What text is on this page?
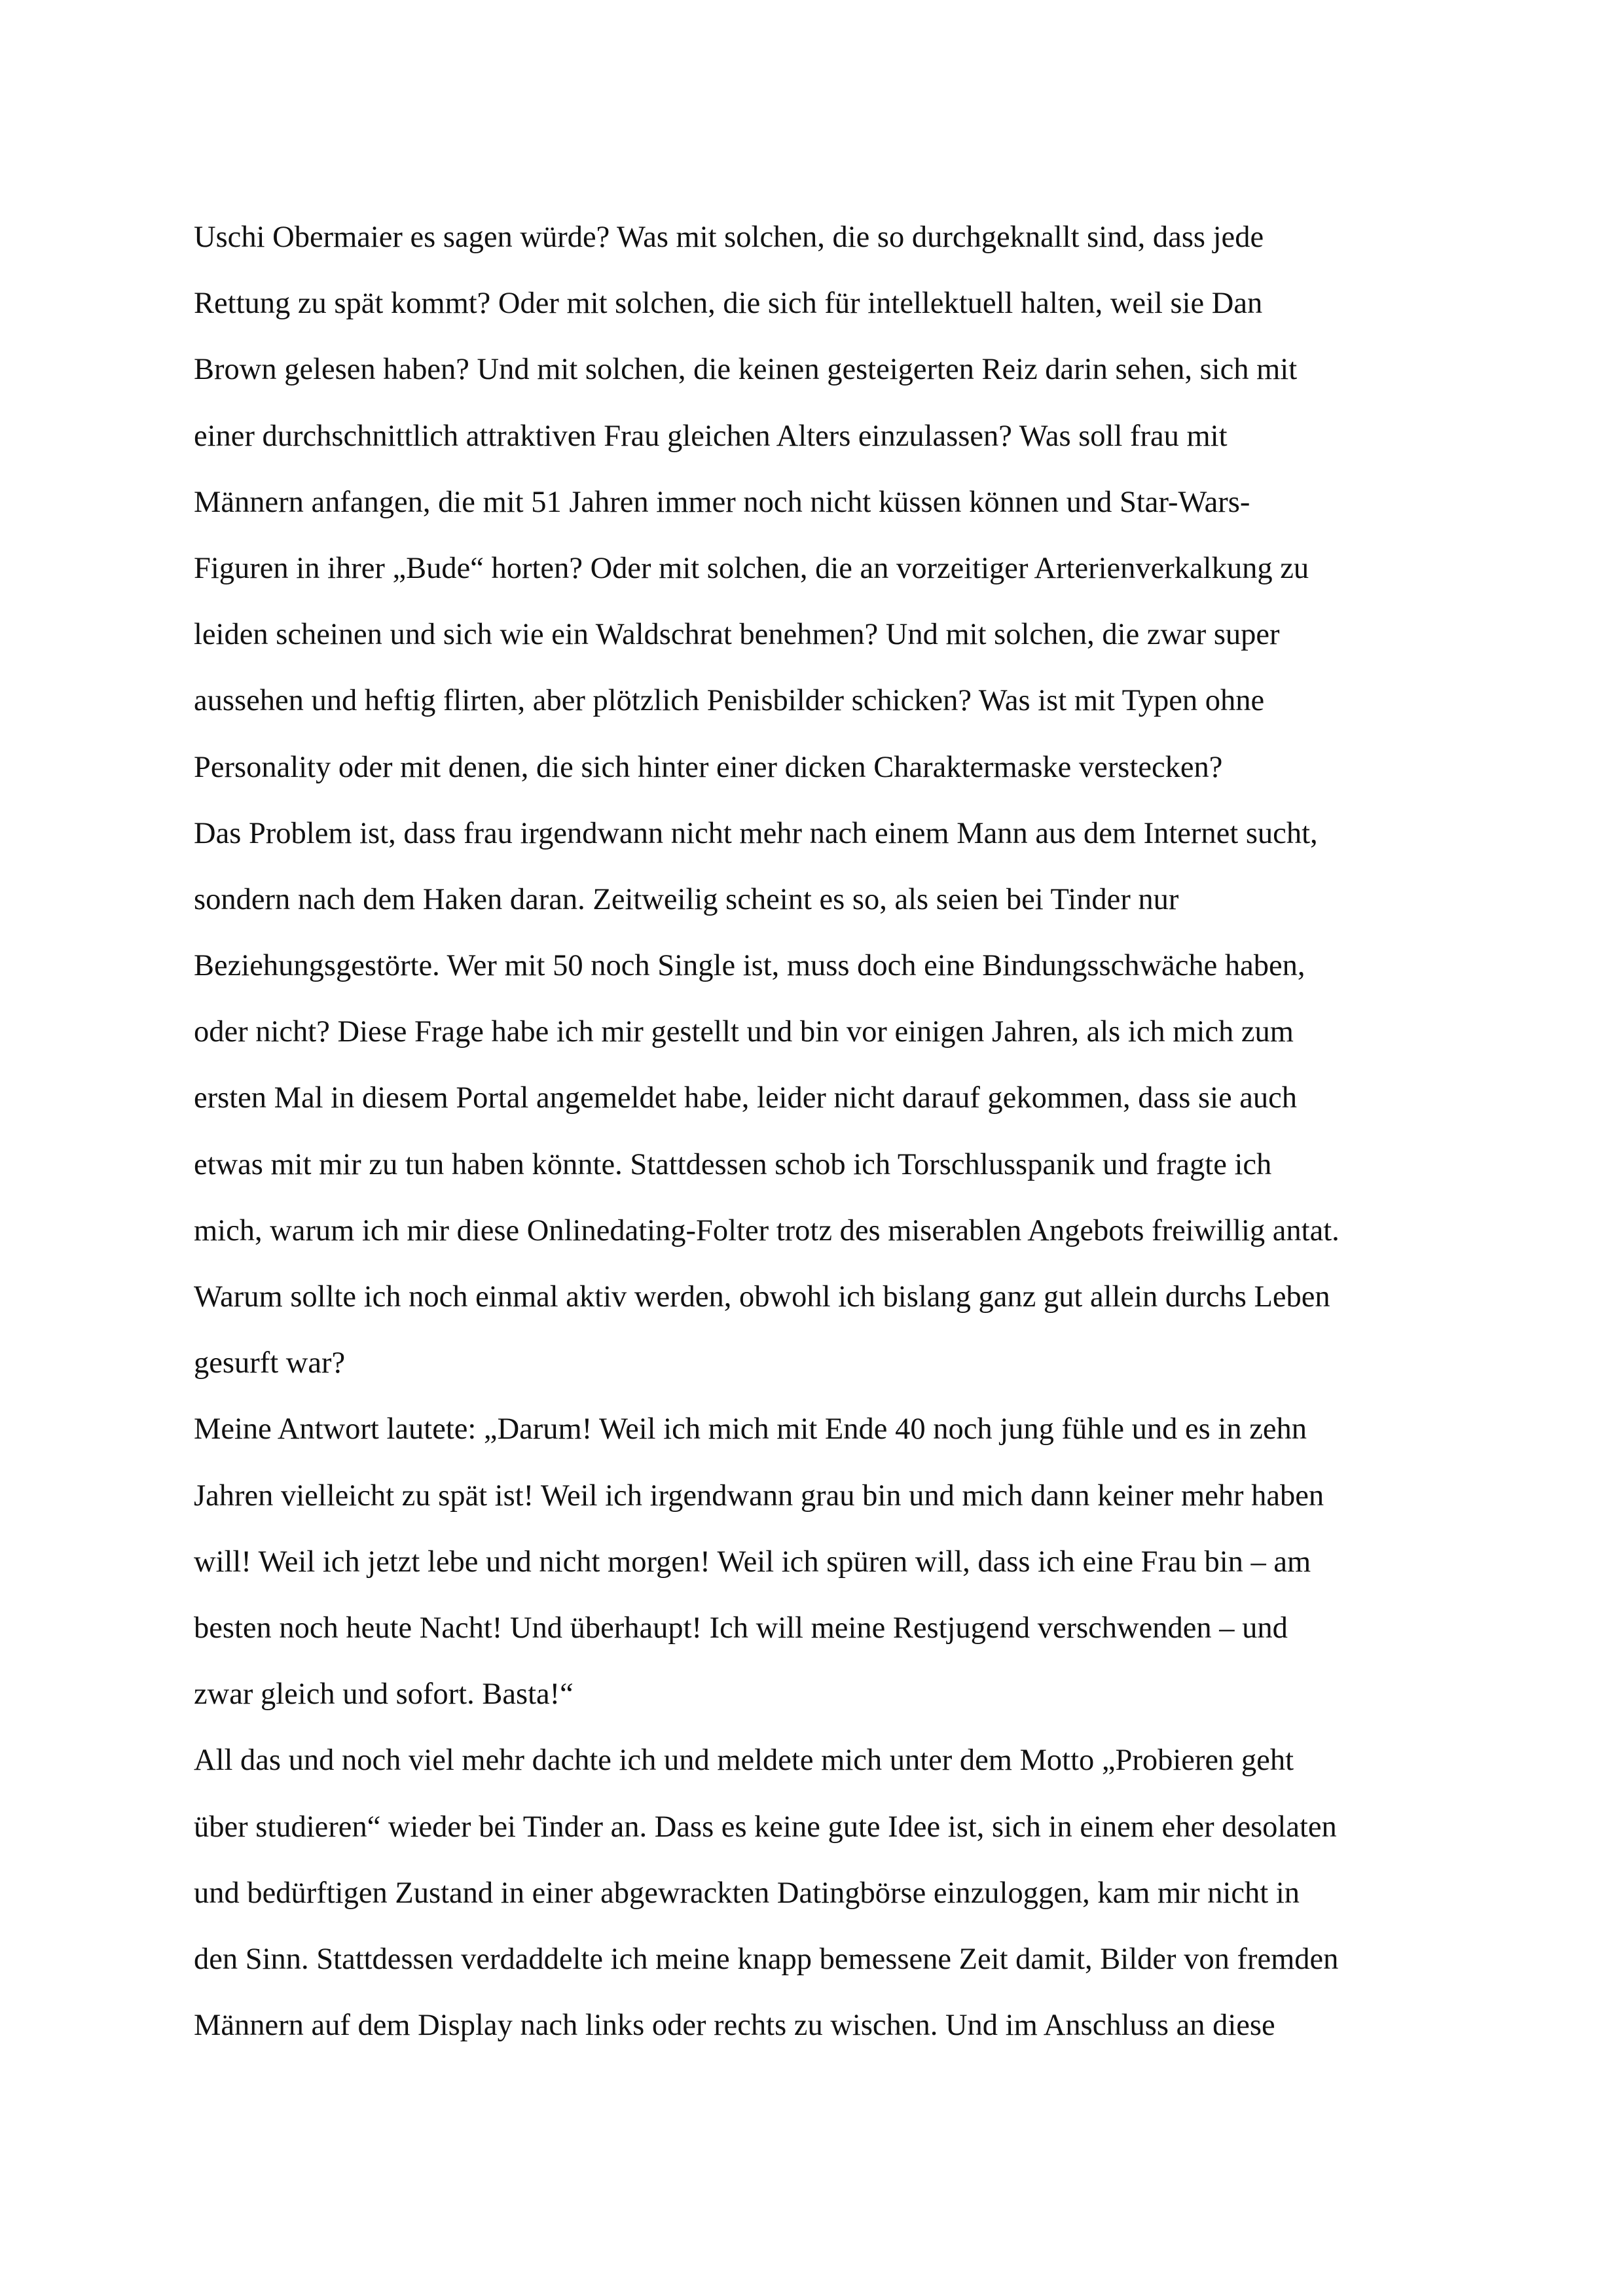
Uschi Obermaier es sagen würde? Was mit solchen, die so durchgeknallt sind, dass jede
Rettung zu spät kommt? Oder mit solchen, die sich für intellektuell halten, weil sie Dan
Brown gelesen haben? Und mit solchen, die keinen gesteigerten Reiz darin sehen, sich mit
einer durchschnittlich attraktiven Frau gleichen Alters einzulassen? Was soll frau mit
Männern anfangen, die mit 51 Jahren immer noch nicht küssen können und Star-Wars-
Figuren in ihrer „Bude“ horten? Oder mit solchen, die an vorzeitiger Arterienverkalkung zu
leiden scheinen und sich wie ein Waldschrat benehmen? Und mit solchen, die zwar super
aussehen und heftig flirten, aber plötzlich Penisbilder schicken? Was ist mit Typen ohne
Personality oder mit denen, die sich hinter einer dicken Charaktermaske verstecken?
Das Problem ist, dass frau irgendwann nicht mehr nach einem Mann aus dem Internet sucht,
sondern nach dem Haken daran. Zeitweilig scheint es so, als seien bei Tinder nur
Beziehungsgestörte. Wer mit 50 noch Single ist, muss doch eine Bindungsschwäche haben,
oder nicht? Diese Frage habe ich mir gestellt und bin vor einigen Jahren, als ich mich zum
ersten Mal in diesem Portal angemeldet habe, leider nicht darauf gekommen, dass sie auch
etwas mit mir zu tun haben könnte. Stattdessen schob ich Torschlusspanik und fragte ich
mich, warum ich mir diese Onlinedating-Folter trotz des miserablen Angebots freiwillig antat.
Warum sollte ich noch einmal aktiv werden, obwohl ich bislang ganz gut allein durchs Leben
gesurft war?
Meine Antwort lautete: „Darum! Weil ich mich mit Ende 40 noch jung fühle und es in zehn
Jahren vielleicht zu spät ist! Weil ich irgendwann grau bin und mich dann keiner mehr haben
will! Weil ich jetzt lebe und nicht morgen! Weil ich spüren will, dass ich eine Frau bin – am
besten noch heute Nacht! Und überhaupt! Ich will meine Restjugend verschwenden – und
zwar gleich und sofort. Basta!“
All das und noch viel mehr dachte ich und meldete mich unter dem Motto „Probieren geht
über studieren“ wieder bei Tinder an. Dass es keine gute Idee ist, sich in einem eher desolaten
und bedürftigen Zustand in einer abgewrackten Datingbörse einzuloggen, kam mir nicht in
den Sinn. Stattdessen verdaddelte ich meine knapp bemessene Zeit damit, Bilder von fremden
Männern auf dem Display nach links oder rechts zu wischen. Und im Anschluss an diese
